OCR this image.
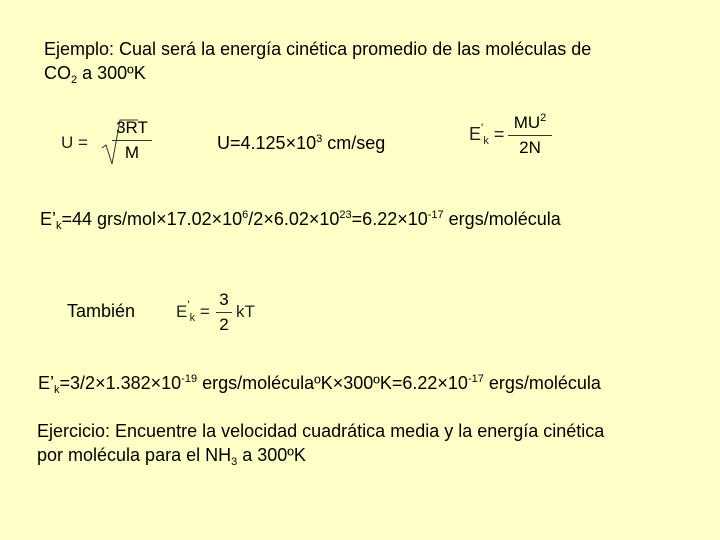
Ejemplo: Cual será la energía cinética promedio de las moléculas de
$CO_2$ a 300ºK
U =
3RT
M	$U=4.125\times 10^3$ cm/seg	$E'_k$ =
$MU^2$
2N
$E’_k=44$ grs/$mol\times 17.02\times 10^6/2\times 6.02\times 10^{23}=6.22\times 10^{-17}$ ergs/molécula
También $E'_k$ =
3
2
kT
$E’_k=3/2\times 1.382\times 10^{-19}$ ergs/$moléculaºK\times 300ºK=6.22\times 10^{-17}$ ergs/molécula
Ejercicio: Encuentre la velocidad cuadrática media y la energía cinética
por molécula para el $NH_3$ a 300ºK
